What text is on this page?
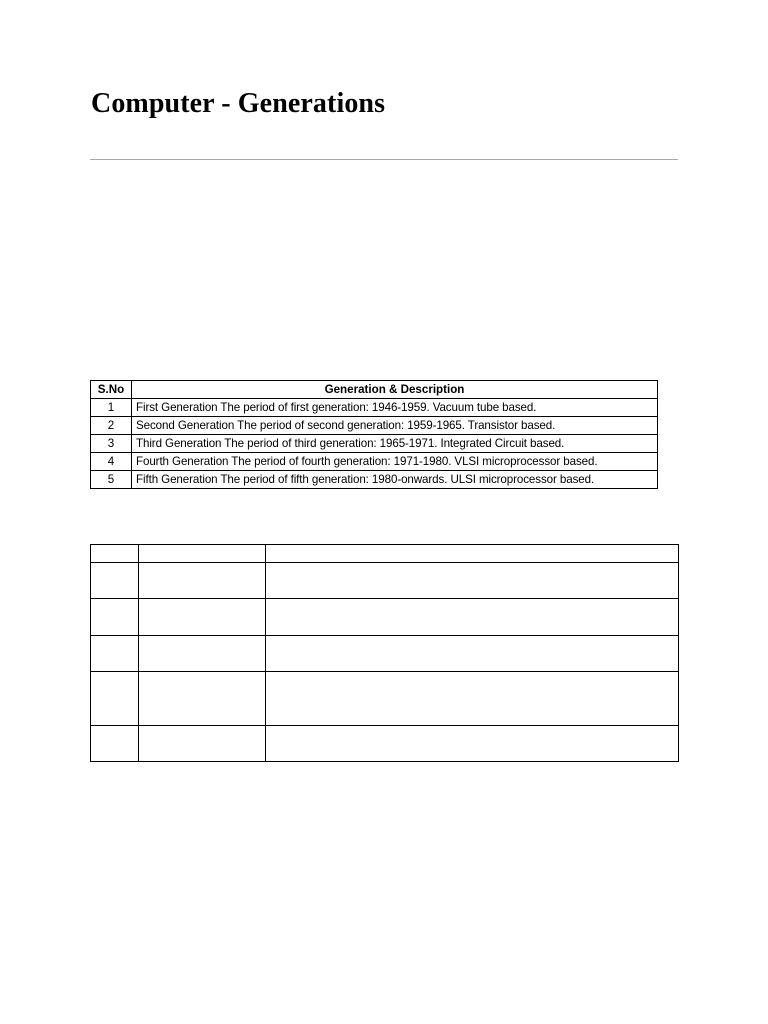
Computer - Generations
S.No	Generation & Description
1	First Generation The period of first generation: 1946-1959. Vacuum tube based.
2	Second Generation The period of second generation: 1959-1965. Transistor based.
3	Third Generation The period of third generation: 1965-1971. Integrated Circuit based.
4	Fourth Generation The period of fourth generation: 1971-1980. VLSI microprocessor based.
5	Fifth Generation The period of fifth generation: 1980-onwards. ULSI microprocessor based.
